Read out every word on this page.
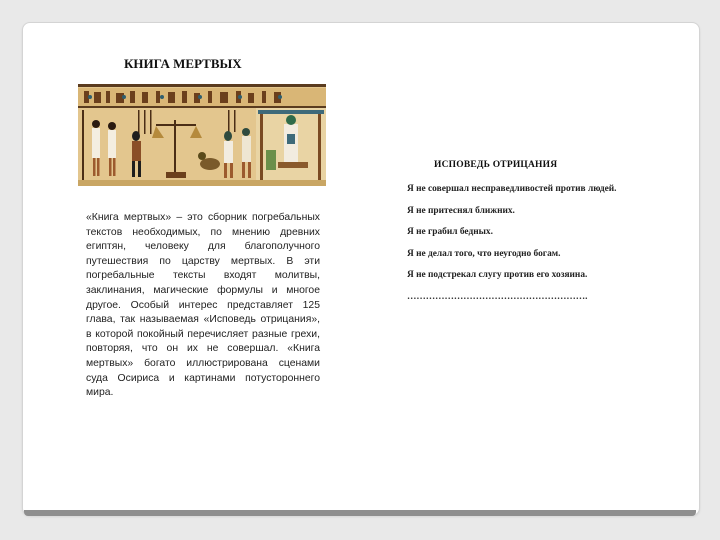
КНИГА МЕРТВЫХ

«Книга мертвых» – это сборник погребальных текстов необходимых, по мнению древних египтян, человеку для благополучного путешествия по царству мертвых. В эти погребальные тексты входят молитвы, заклинания, магические формулы и многое другое. Особый интерес представляет 125 глава, так называемая «Исповедь отрицания», в которой покойный перечисляет разные грехи, повторяя, что он их не совершал. «Книга мертвых» богато иллюстрирована сценами суда Осириса и картинами потустороннего мира.

ИСПОВЕДЬ ОТРИЦАНИЯ
Я не совершал несправедливостей против людей.
Я не притеснял ближних.
Я не грабил бедных.
Я не делал того, что неугодно богам.
Я не подстрекал слугу против его хозяина.
………………………………………………….
